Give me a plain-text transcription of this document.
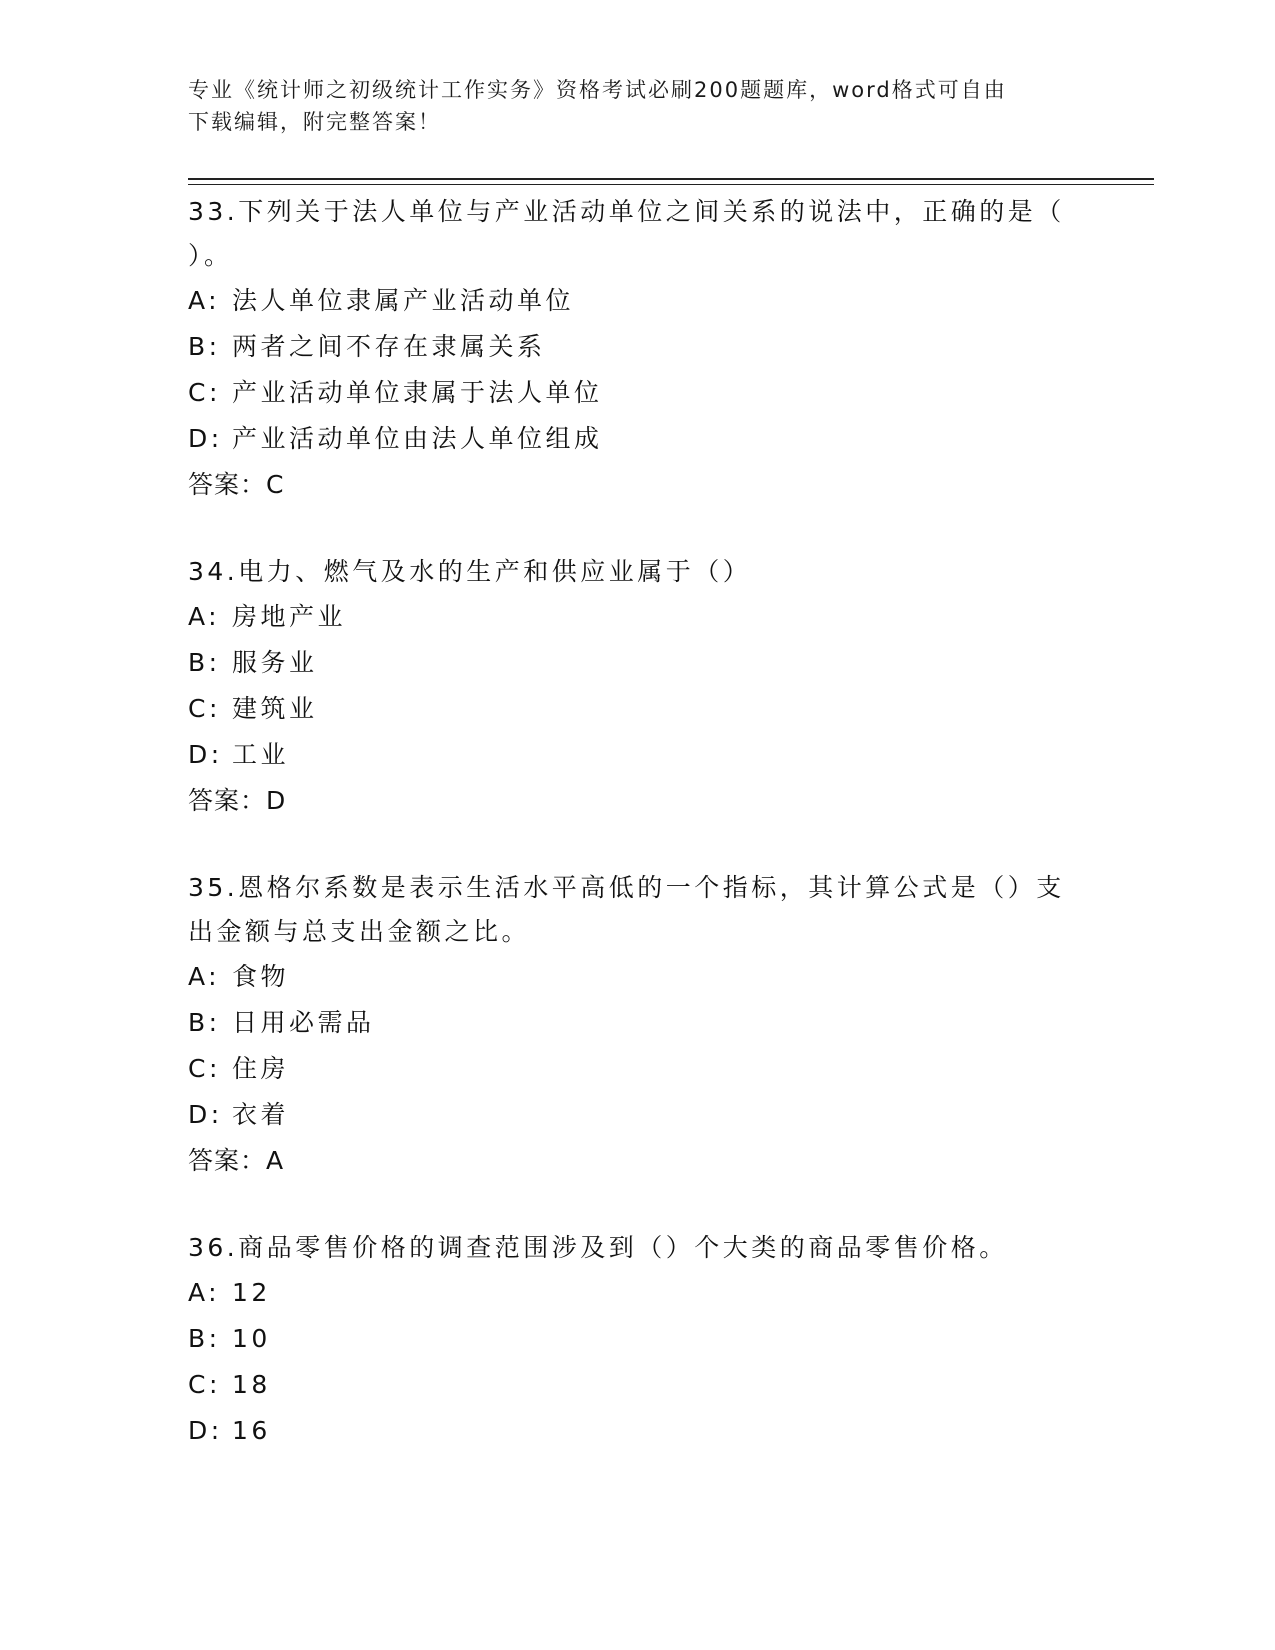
专业《统计师之初级统计工作实务》资格考试必刷200题题库，word格式可自由
下载编辑，附完整答案！

33.下列关于法人单位与产业活动单位之间关系的说法中，正确的是（

）。

A: 法人单位隶属产业活动单位

B: 两者之间不存在隶属关系

C: 产业活动单位隶属于法人单位

D: 产业活动单位由法人单位组成

答案：C

34.电力、燃气及水的生产和供应业属于（）

A: 房地产业

B: 服务业

C: 建筑业

D: 工业

答案：D

35.恩格尔系数是表示生活水平高低的一个指标，其计算公式是（）支

出金额与总支出金额之比。

A: 食物

B: 日用必需品

C: 住房

D: 衣着

答案：A

36.商品零售价格的调查范围涉及到（）个大类的商品零售价格。

A: 12

B: 10

C: 18

D: 16
